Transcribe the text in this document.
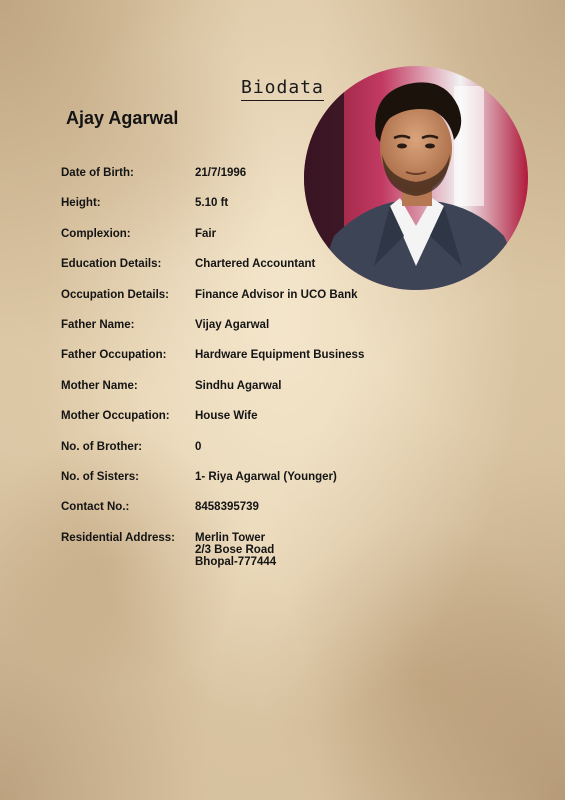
Biodata
Ajay Agarwal
Date of Birth:	21/7/1996
Height:	5.10 ft
Complexion:	Fair
Education Details:	Chartered Accountant
Occupation Details:	Finance Advisor in UCO Bank
Father Name:	Vijay Agarwal
Father Occupation:	Hardware Equipment Business
Mother Name:	Sindhu Agarwal
Mother Occupation:	House Wife
No. of Brother:	0
No. of Sisters:	1- Riya Agarwal (Younger)
Contact No.:	8458395739
Residential Address:	Merlin Tower
2/3 Bose Road
Bhopal-777444
